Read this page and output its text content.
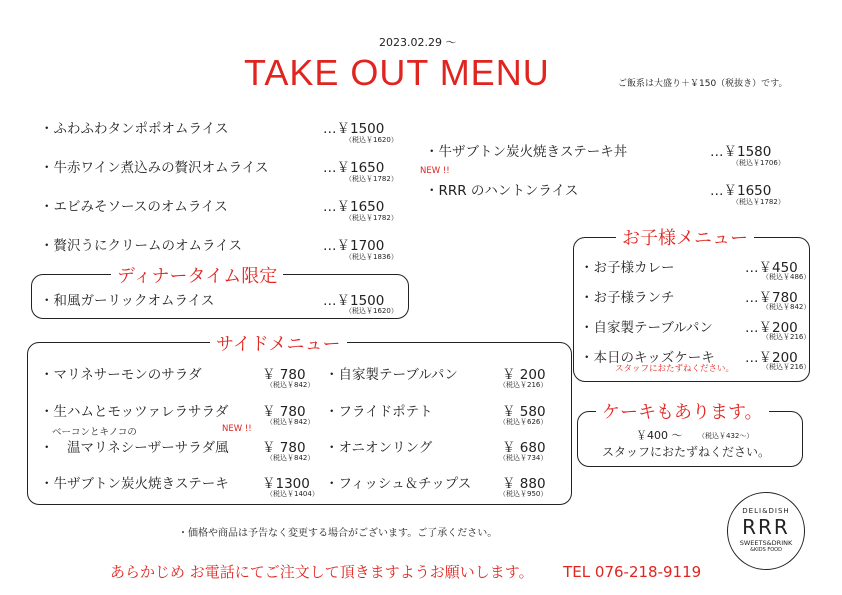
2023.02.29 ～
TAKE OUT MENU	ご飯系は大盛り＋￥150（税抜き）です。
・ふわふわタンポポオムライス	…￥1500
（税込￥1620）
・牛赤ワイン煮込みの贅沢オムライス	…￥1650
（税込￥1782）
・エビみそソースのオムライス	…￥1650
（税込￥1782）
・贅沢うにクリームのオムライス	…￥1700
（税込￥1836）
・牛ザブトン炭火焼きステーキ丼	…￥1580
（税込￥1706）
NEW !!
・RRR のハントンライス	…￥1650
（税込￥1782）
ディナータイム限定
・和風ガーリックオムライス	…￥1500
（税込￥1620）
サイドメニュー
・マリネサーモンのサラダ	￥ 780
（税込￥842）
・生ハムとモッツァレラサラダ ￥ 780
（税込￥842）
ベーコンとキノコの	NEW !!
・　温マリネシーザーサラダ風 ￥ 780
（税込￥842）
・牛ザブトン炭火焼きステーキ ￥1300
（税込￥1404）
・自家製テーブルパン	￥ 200
（税込￥216）
・フライドポテト	￥ 580
（税込￥626）
・オニオンリング	￥ 680
（税込￥734）
・フィッシュ＆チップス ￥ 880
（税込￥950）
お子様メニュー
・お子様カレー	…￥450
（税込￥486）
・お子様ランチ	…￥780
（税込￥842）
・自家製テーブルパン …￥200
（税込￥216）
・本日のキッズケーキ …￥200
（税込￥216）
スタッフにおたずねください。
ケーキもあります。
￥400 ～ （税込￥432～）
スタッフにおたずねください。
・価格や商品は予告なく変更する場合がございます。ご了承ください。
あらかじめ お電話にてご注文して頂きますようお願いします。 TEL 076-218-9119
DELI&DISH
RRR
SWEETS&DRINK
&KIDS FOOD
